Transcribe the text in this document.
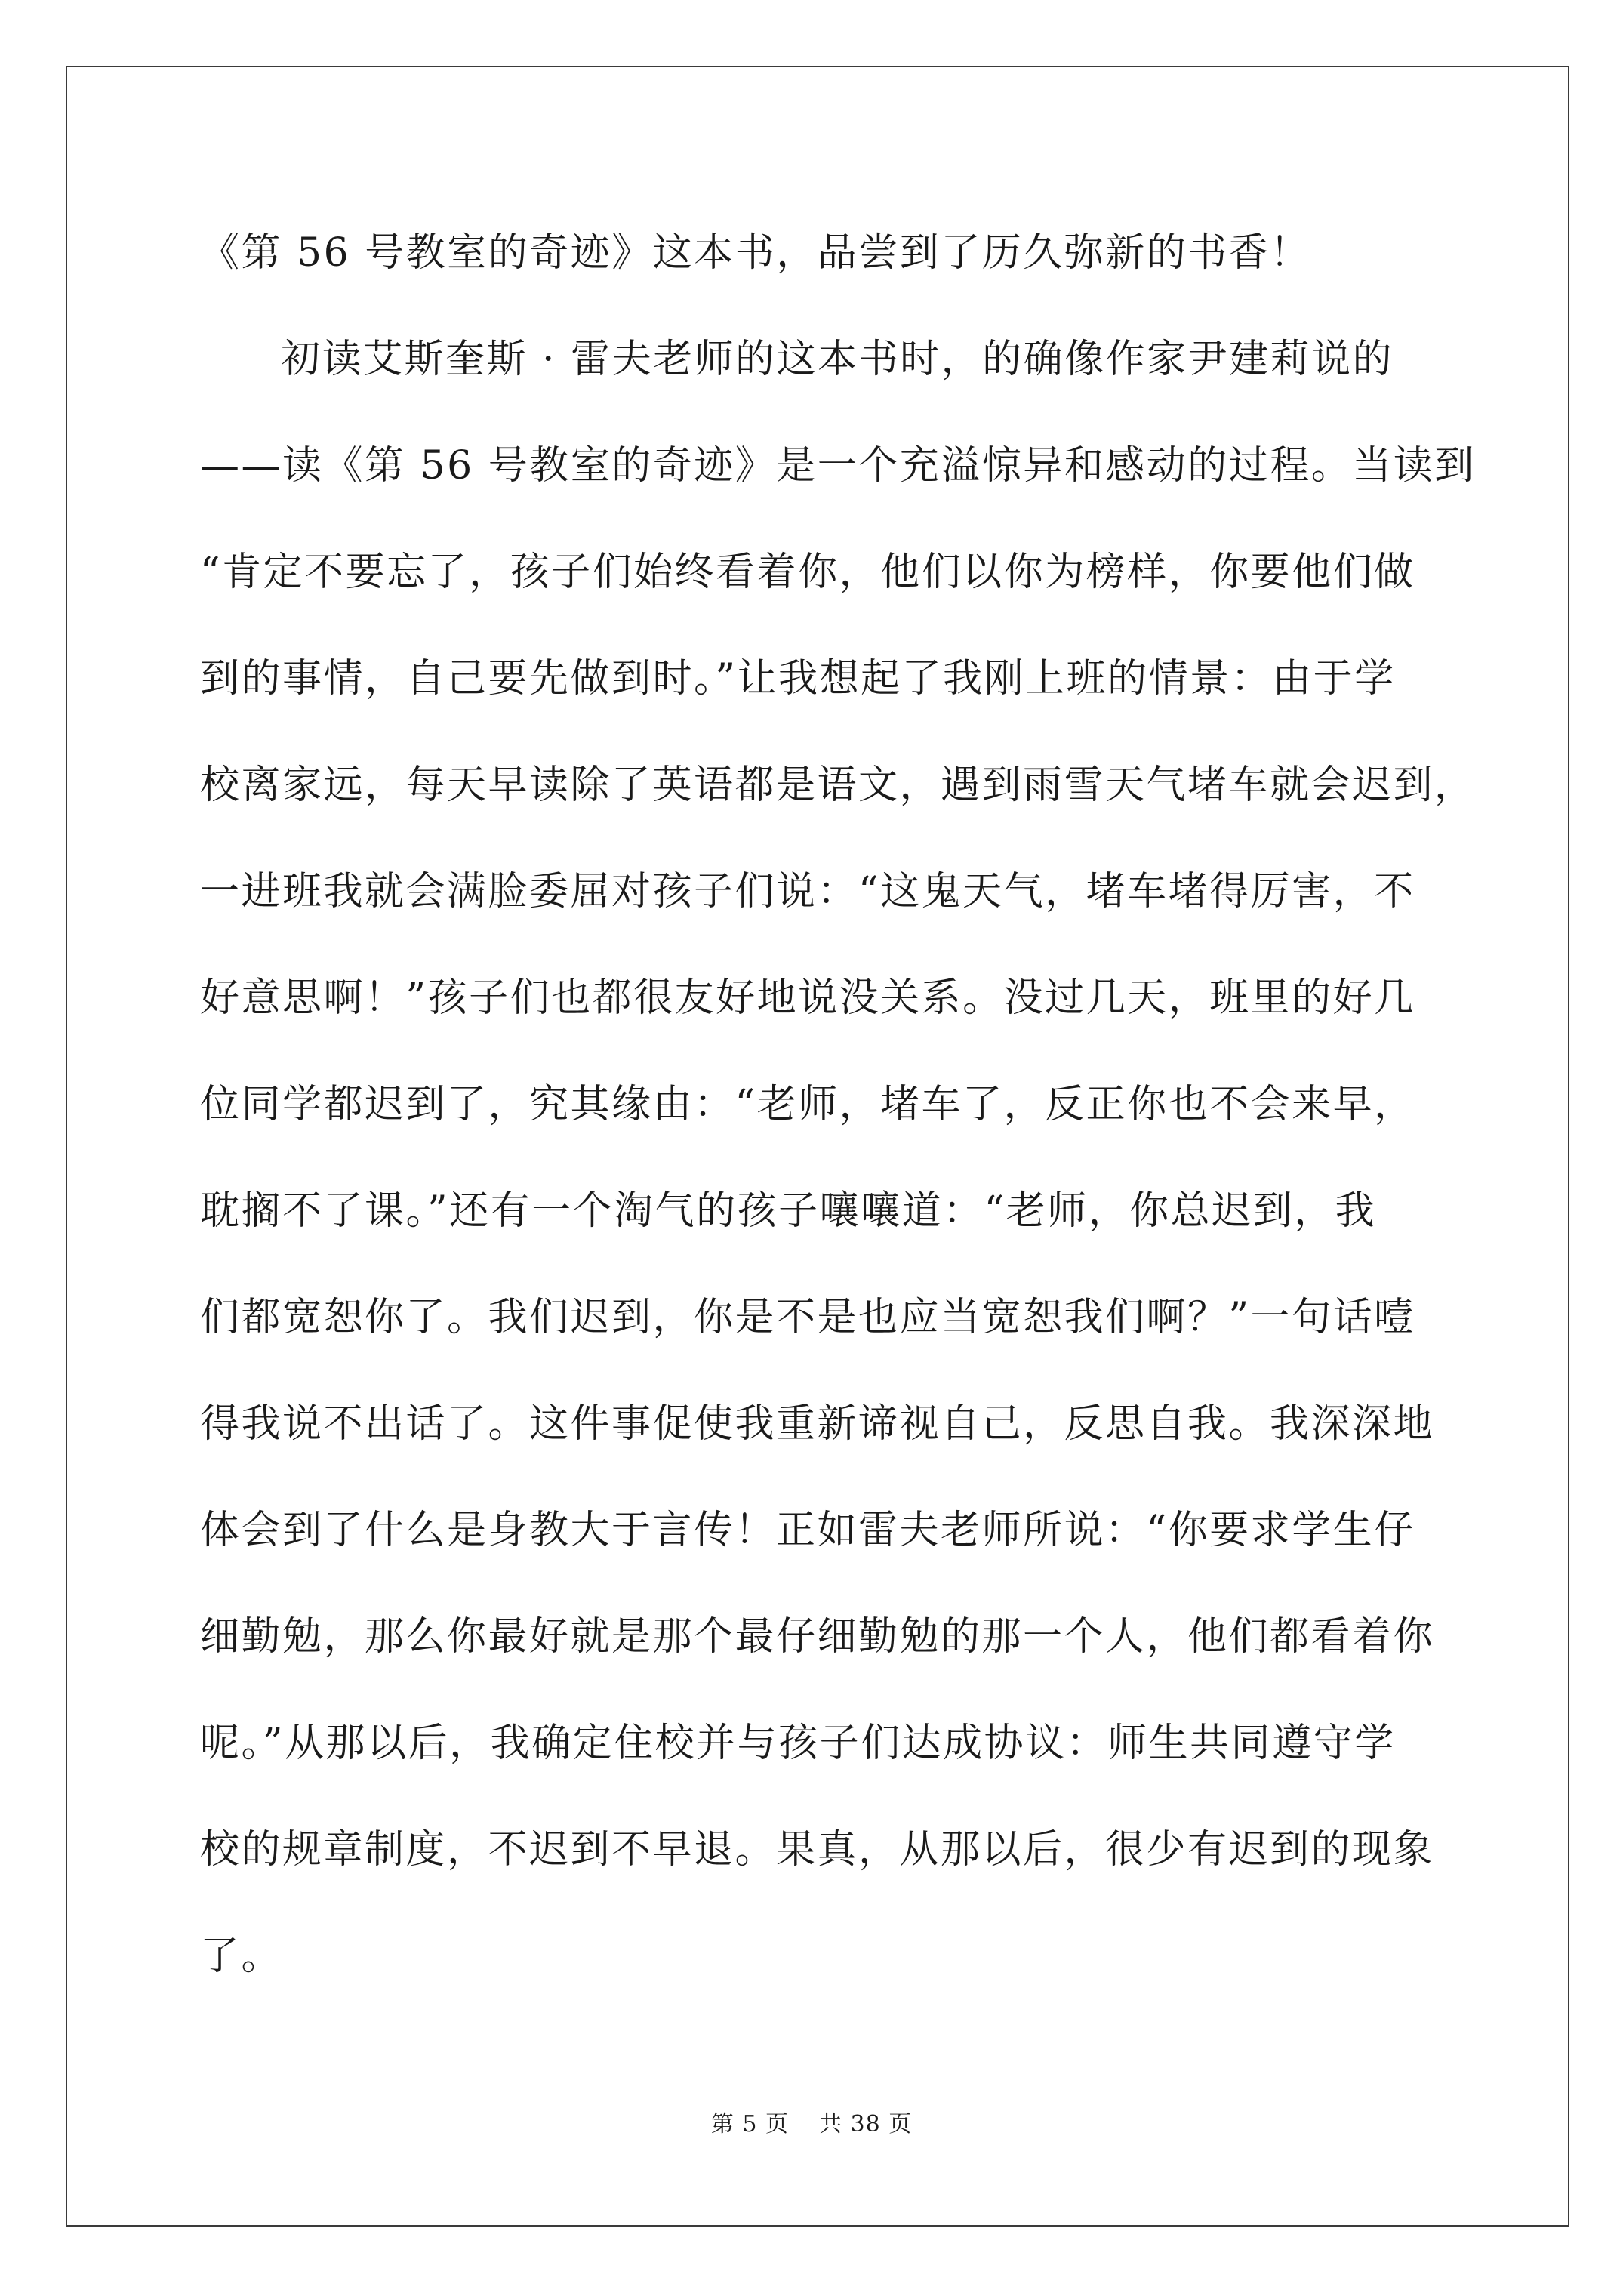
《第 56 号教室的奇迹》这本书，品尝到了历久弥新的书香！
初读艾斯奎斯 · 雷夫老师的这本书时，的确像作家尹建莉说的
——读《第 56 号教室的奇迹》是一个充溢惊异和感动的过程。当读到
“肯定不要忘了，孩子们始终看着你，他们以你为榜样，你要他们做
到的事情，自己要先做到时。”让我想起了我刚上班的情景：由于学
校离家远，每天早读除了英语都是语文，遇到雨雪天气堵车就会迟到，
一进班我就会满脸委屈对孩子们说：“这鬼天气，堵车堵得厉害，不
好意思啊！”孩子们也都很友好地说没关系。没过几天，班里的好几
位同学都迟到了，究其缘由：“老师，堵车了，反正你也不会来早，
耽搁不了课。”还有一个淘气的孩子嚷嚷道：“老师，你总迟到，我
们都宽恕你了。我们迟到，你是不是也应当宽恕我们啊？”一句话噎
得我说不出话了。这件事促使我重新谛视自己，反思自我。我深深地
体会到了什么是身教大于言传！正如雷夫老师所说：“你要求学生仔
细勤勉，那么你最好就是那个最仔细勤勉的那一个人，他们都看着你
呢。”从那以后，我确定住校并与孩子们达成协议：师生共同遵守学
校的规章制度，不迟到不早退。果真，从那以后，很少有迟到的现象
了。
第 5 页 共 38 页
